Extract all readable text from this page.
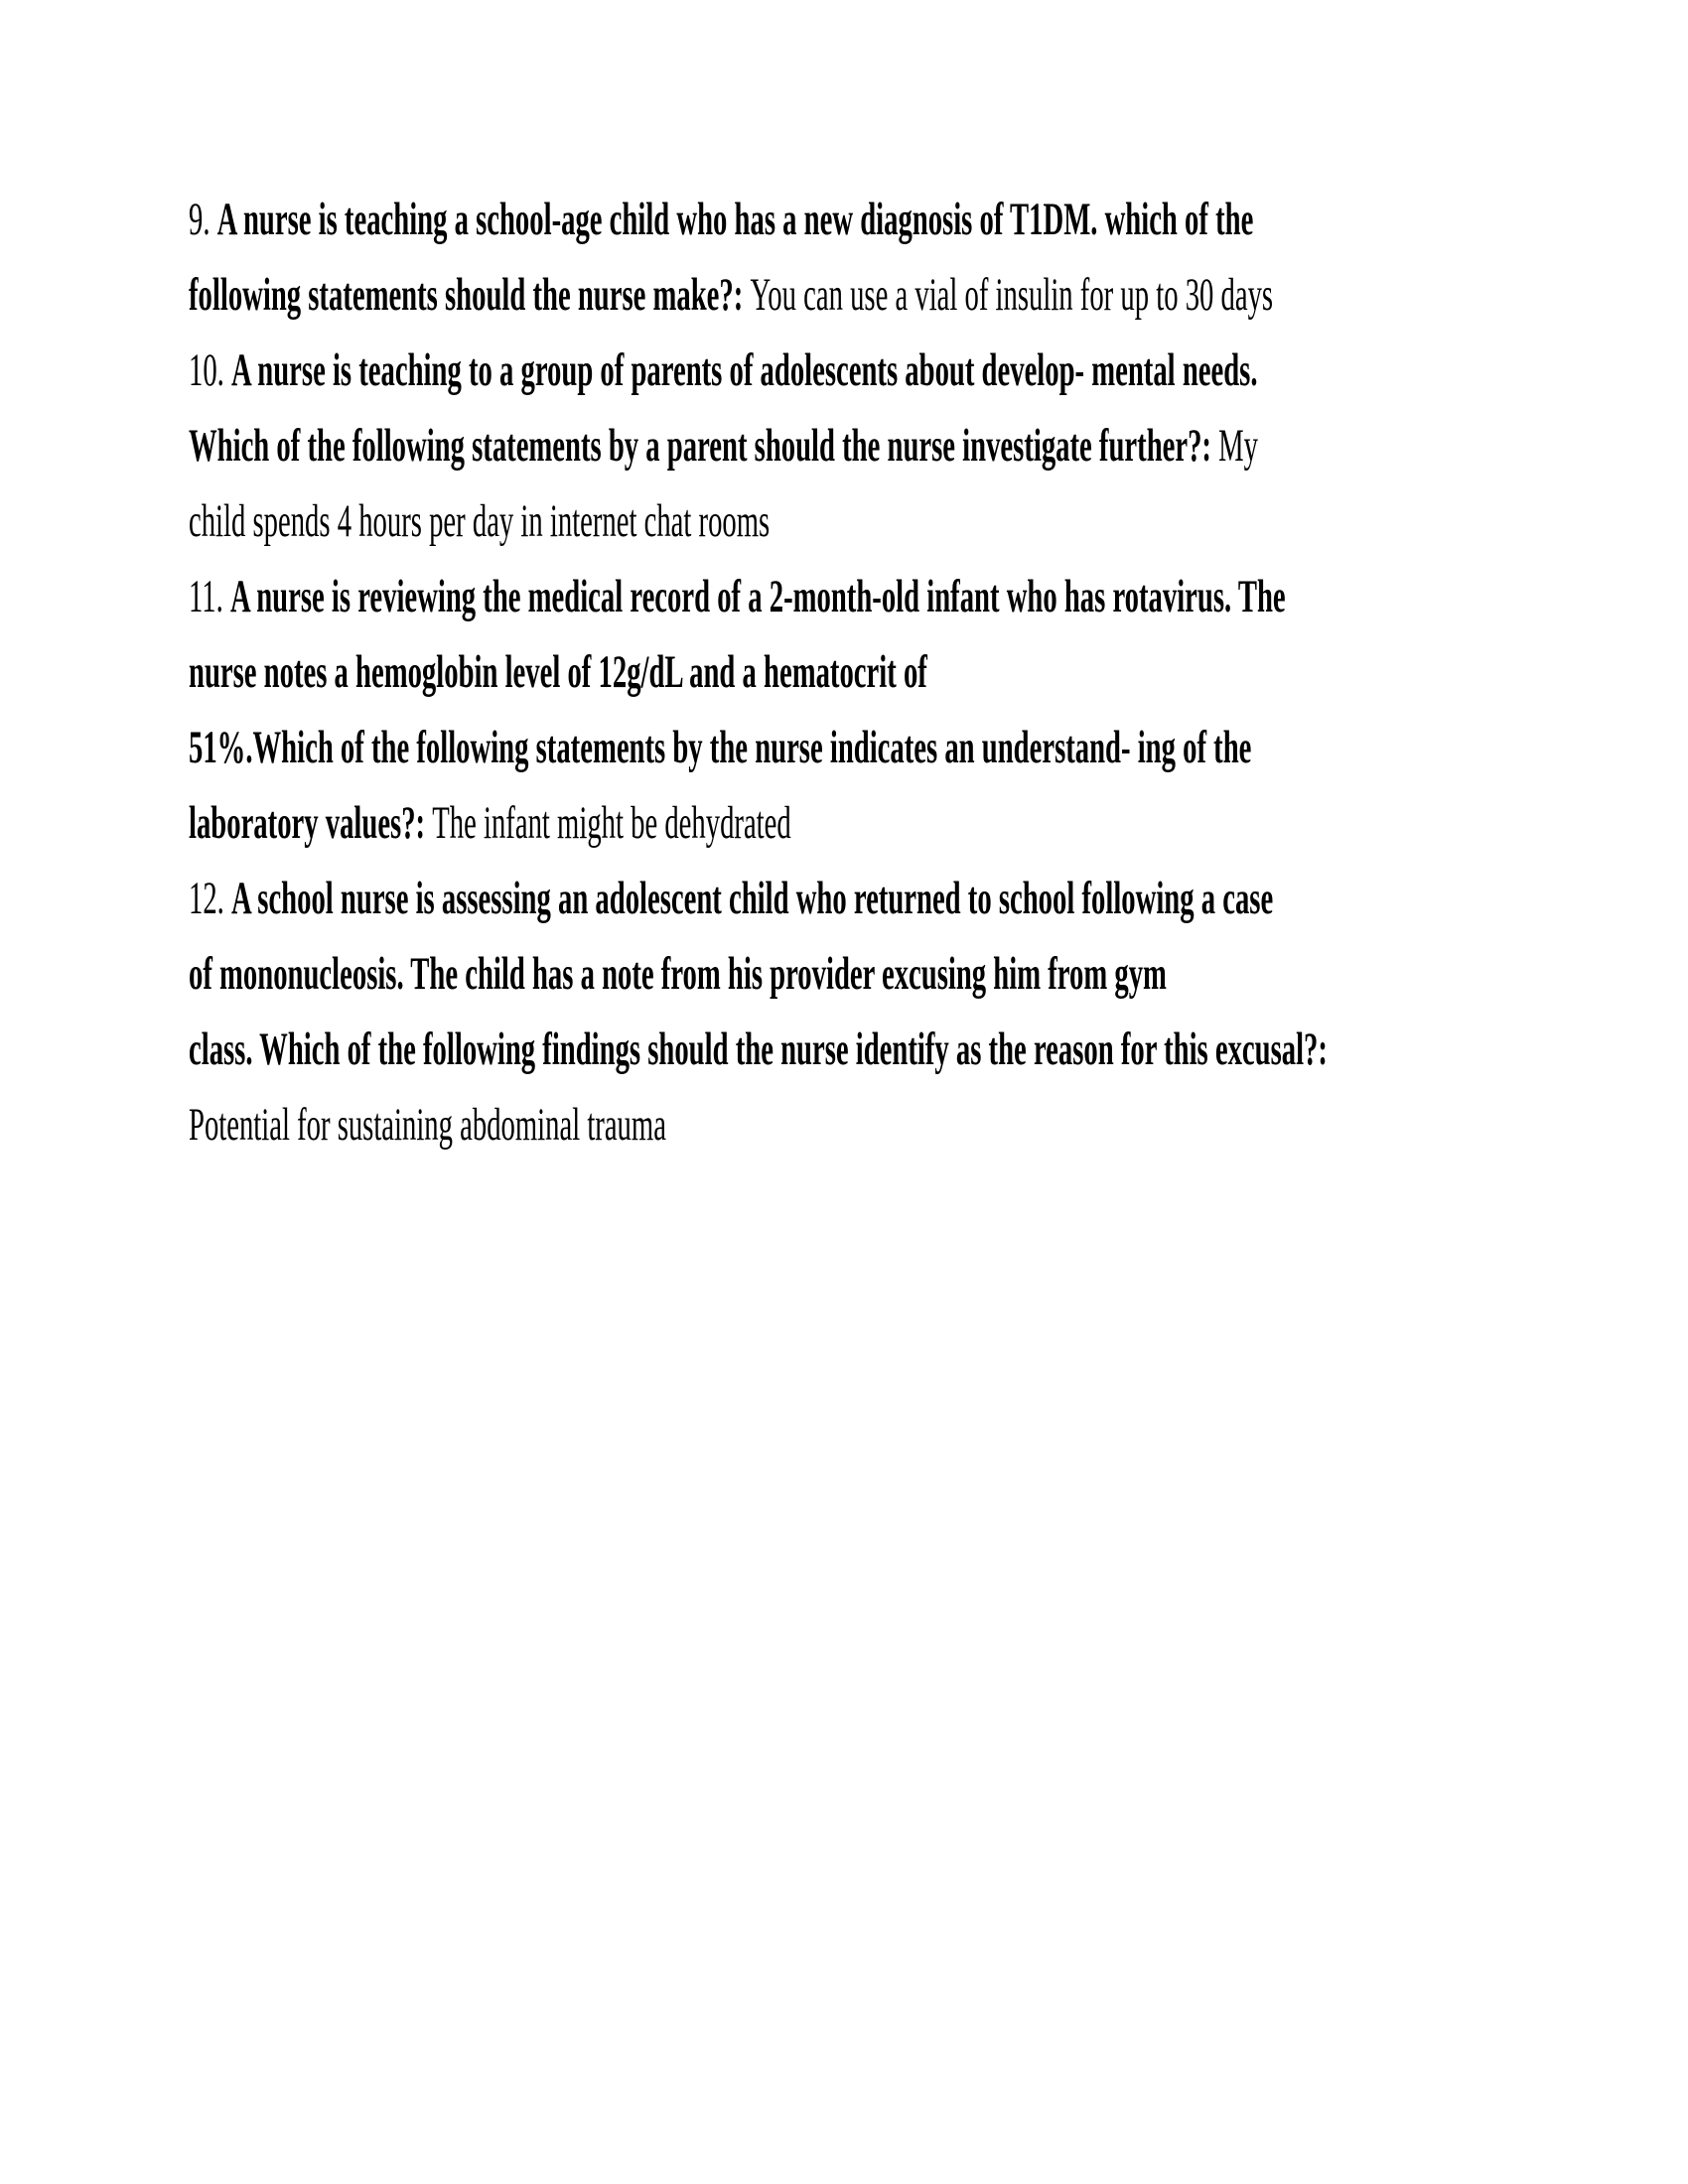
9. A nurse is teaching a school-age child who has a new diagnosis of T1DM. which of the
following statements should the nurse make?: You can use a vial of insulin for up to 30 days
10. A nurse is teaching to a group of parents of adolescents about develop- mental needs.
Which of the following statements by a parent should the nurse investigate further?: My
child spends 4 hours per day in internet chat rooms
11. A nurse is reviewing the medical record of a 2-month-old infant who has rotavirus. The
nurse notes a hemoglobin level of 12g/dL and a hematocrit of
51%.Which of the following statements by the nurse indicates an understand- ing of the
laboratory values?: The infant might be dehydrated
12. A school nurse is assessing an adolescent child who returned to school following a case
of mononucleosis. The child has a note from his provider excusing him from gym
class. Which of the following findings should the nurse identify as the reason for this excusal?:
Potential for sustaining abdominal trauma
